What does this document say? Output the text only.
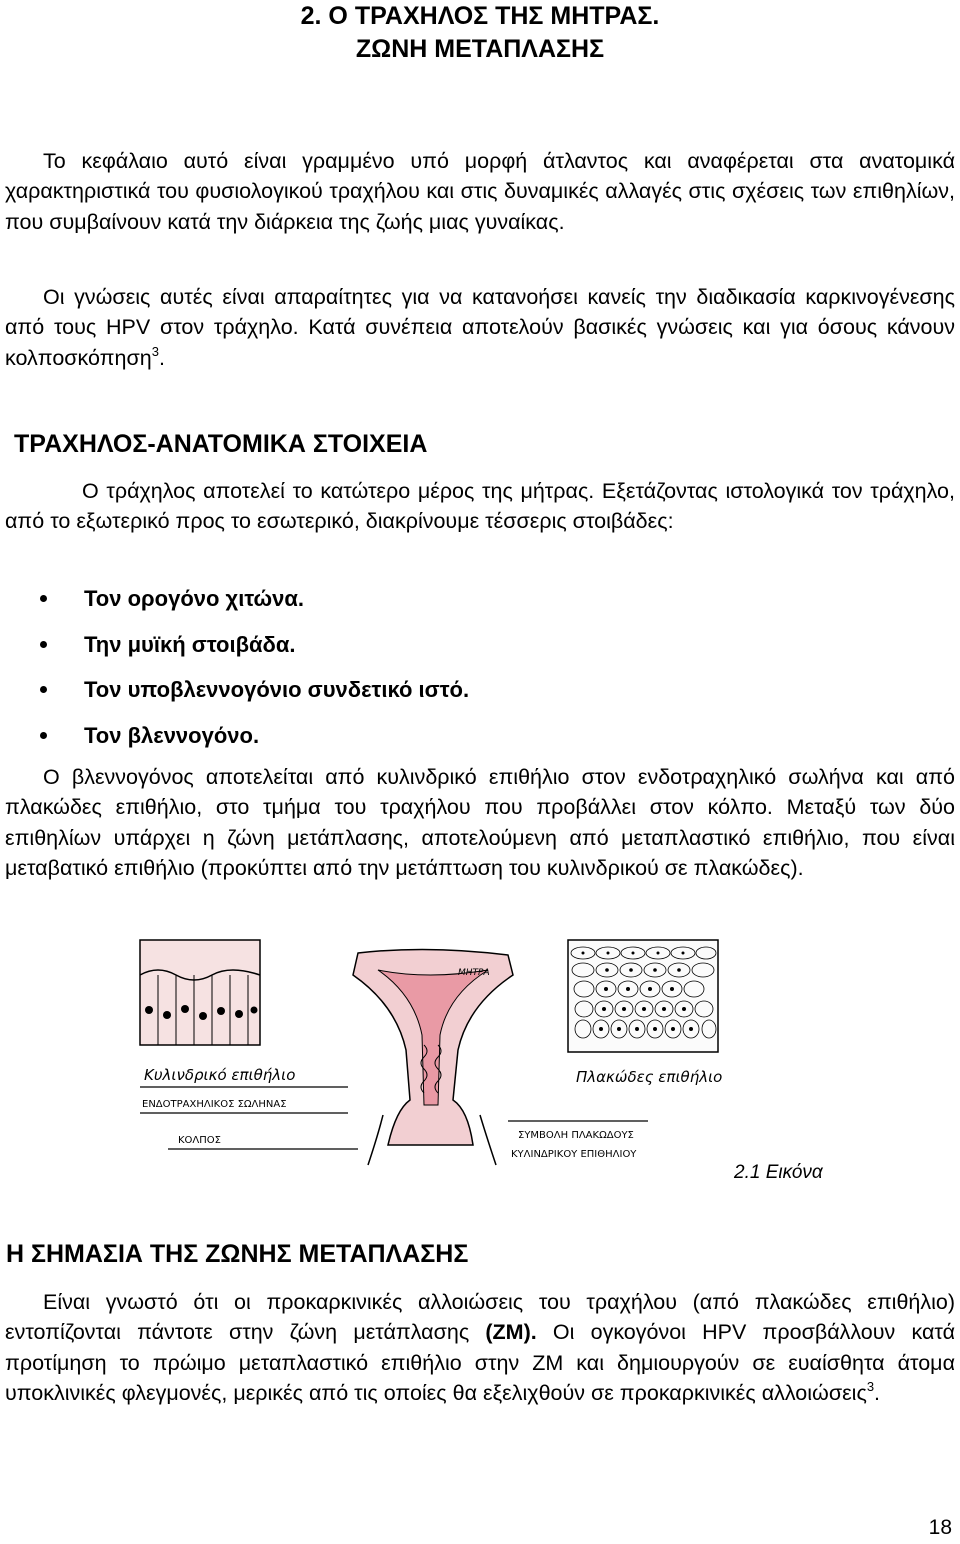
2. Ο ΤΡΑΧΗΛΟΣ ΤΗΣ ΜΗΤΡΑΣ.
ΖΩΝΗ ΜΕΤΑΠΛΑΣΗΣ

Το κεφάλαιο αυτό είναι γραμμένο υπό μορφή άτλαντος και αναφέρεται στα ανατομικά χαρακτηριστικά του φυσιολογικού τραχήλου και στις δυναμικές αλλαγές στις σχέσεις των επιθηλίων, που συμβαίνουν κατά την διάρκεια της ζωής μιας γυναίκας.

Οι γνώσεις αυτές είναι απαραίτητες για να κατανοήσει κανείς την διαδικασία καρκινογένεσης από τους HPV στον τράχηλο. Κατά συνέπεια αποτελούν βασικές γνώσεις και για όσους κάνουν κολποσκόπηση$^3$.

ΤΡΑΧΗΛΟΣ-ΑΝΑΤΟΜΙΚΑ ΣΤΟΙΧΕΙΑ

Ο τράχηλος αποτελεί το κατώτερο μέρος της μήτρας. Εξετάζοντας ιστολογικά τον τράχηλο, από το εξωτερικό προς το εσωτερικό, διακρίνουμε τέσσερις στοιβάδες:

Τον ορογόνο χιτώνα.
Την μυϊκή στοιβάδα.
Τον υποβλεννογόνιο συνδετικό ιστό.
Τον βλεννογόνο.

Ο βλεννογόνος αποτελείται από κυλινδρικό επιθήλιο στον ενδοτραχηλικό σωλήνα και από πλακώδες επιθήλιο, στο τμήμα του τραχήλου που προβάλλει στον κόλπο. Μεταξύ των δύο επιθηλίων υπάρχει η ζώνη μετάπλασης, αποτελούμενη από μεταπλαστικό επιθήλιο, που είναι μεταβατικό επιθήλιο (προκύπτει από την μετάπτωση του κυλινδρικού σε πλακώδες).

Κυλινδρικό επιθήλιο
ΕΝΔΟΤΡΑΧΗΛΙΚΟΣ ΣΩΛΗΝΑΣ
ΚΟΛΠΟΣ
ΜΗΤΡΑ
Πλακώδες επιθήλιο
ΣΥΜΒΟΛΗ ΠΛΑΚΩΔΟΥΣ
ΚΥΛΙΝΔΡΙΚΟΥ ΕΠΙΘΗΛΙΟΥ
2.1 Εικόνα
Η ΣΗΜΑΣΙΑ ΤΗΣ ΖΩΝΗΣ ΜΕΤΑΠΛΑΣΗΣ

Είναι γνωστό ότι οι προκαρκινικές αλλοιώσεις του τραχήλου (από πλακώδες επιθήλιο) εντοπίζονται πάντοτε στην ζώνη μετάπλασης (ΖΜ). Οι ογκογόνοι HPV προσβάλλουν κατά προτίμηση το πρώιμο μεταπλαστικό επιθήλιο στην ΖΜ και δημιουργούν σε ευαίσθητα άτομα υποκλινικές φλεγμονές, μερικές από τις οποίες θα εξελιχθούν σε προκαρκινικές αλλοιώσεις$^3$.

18
